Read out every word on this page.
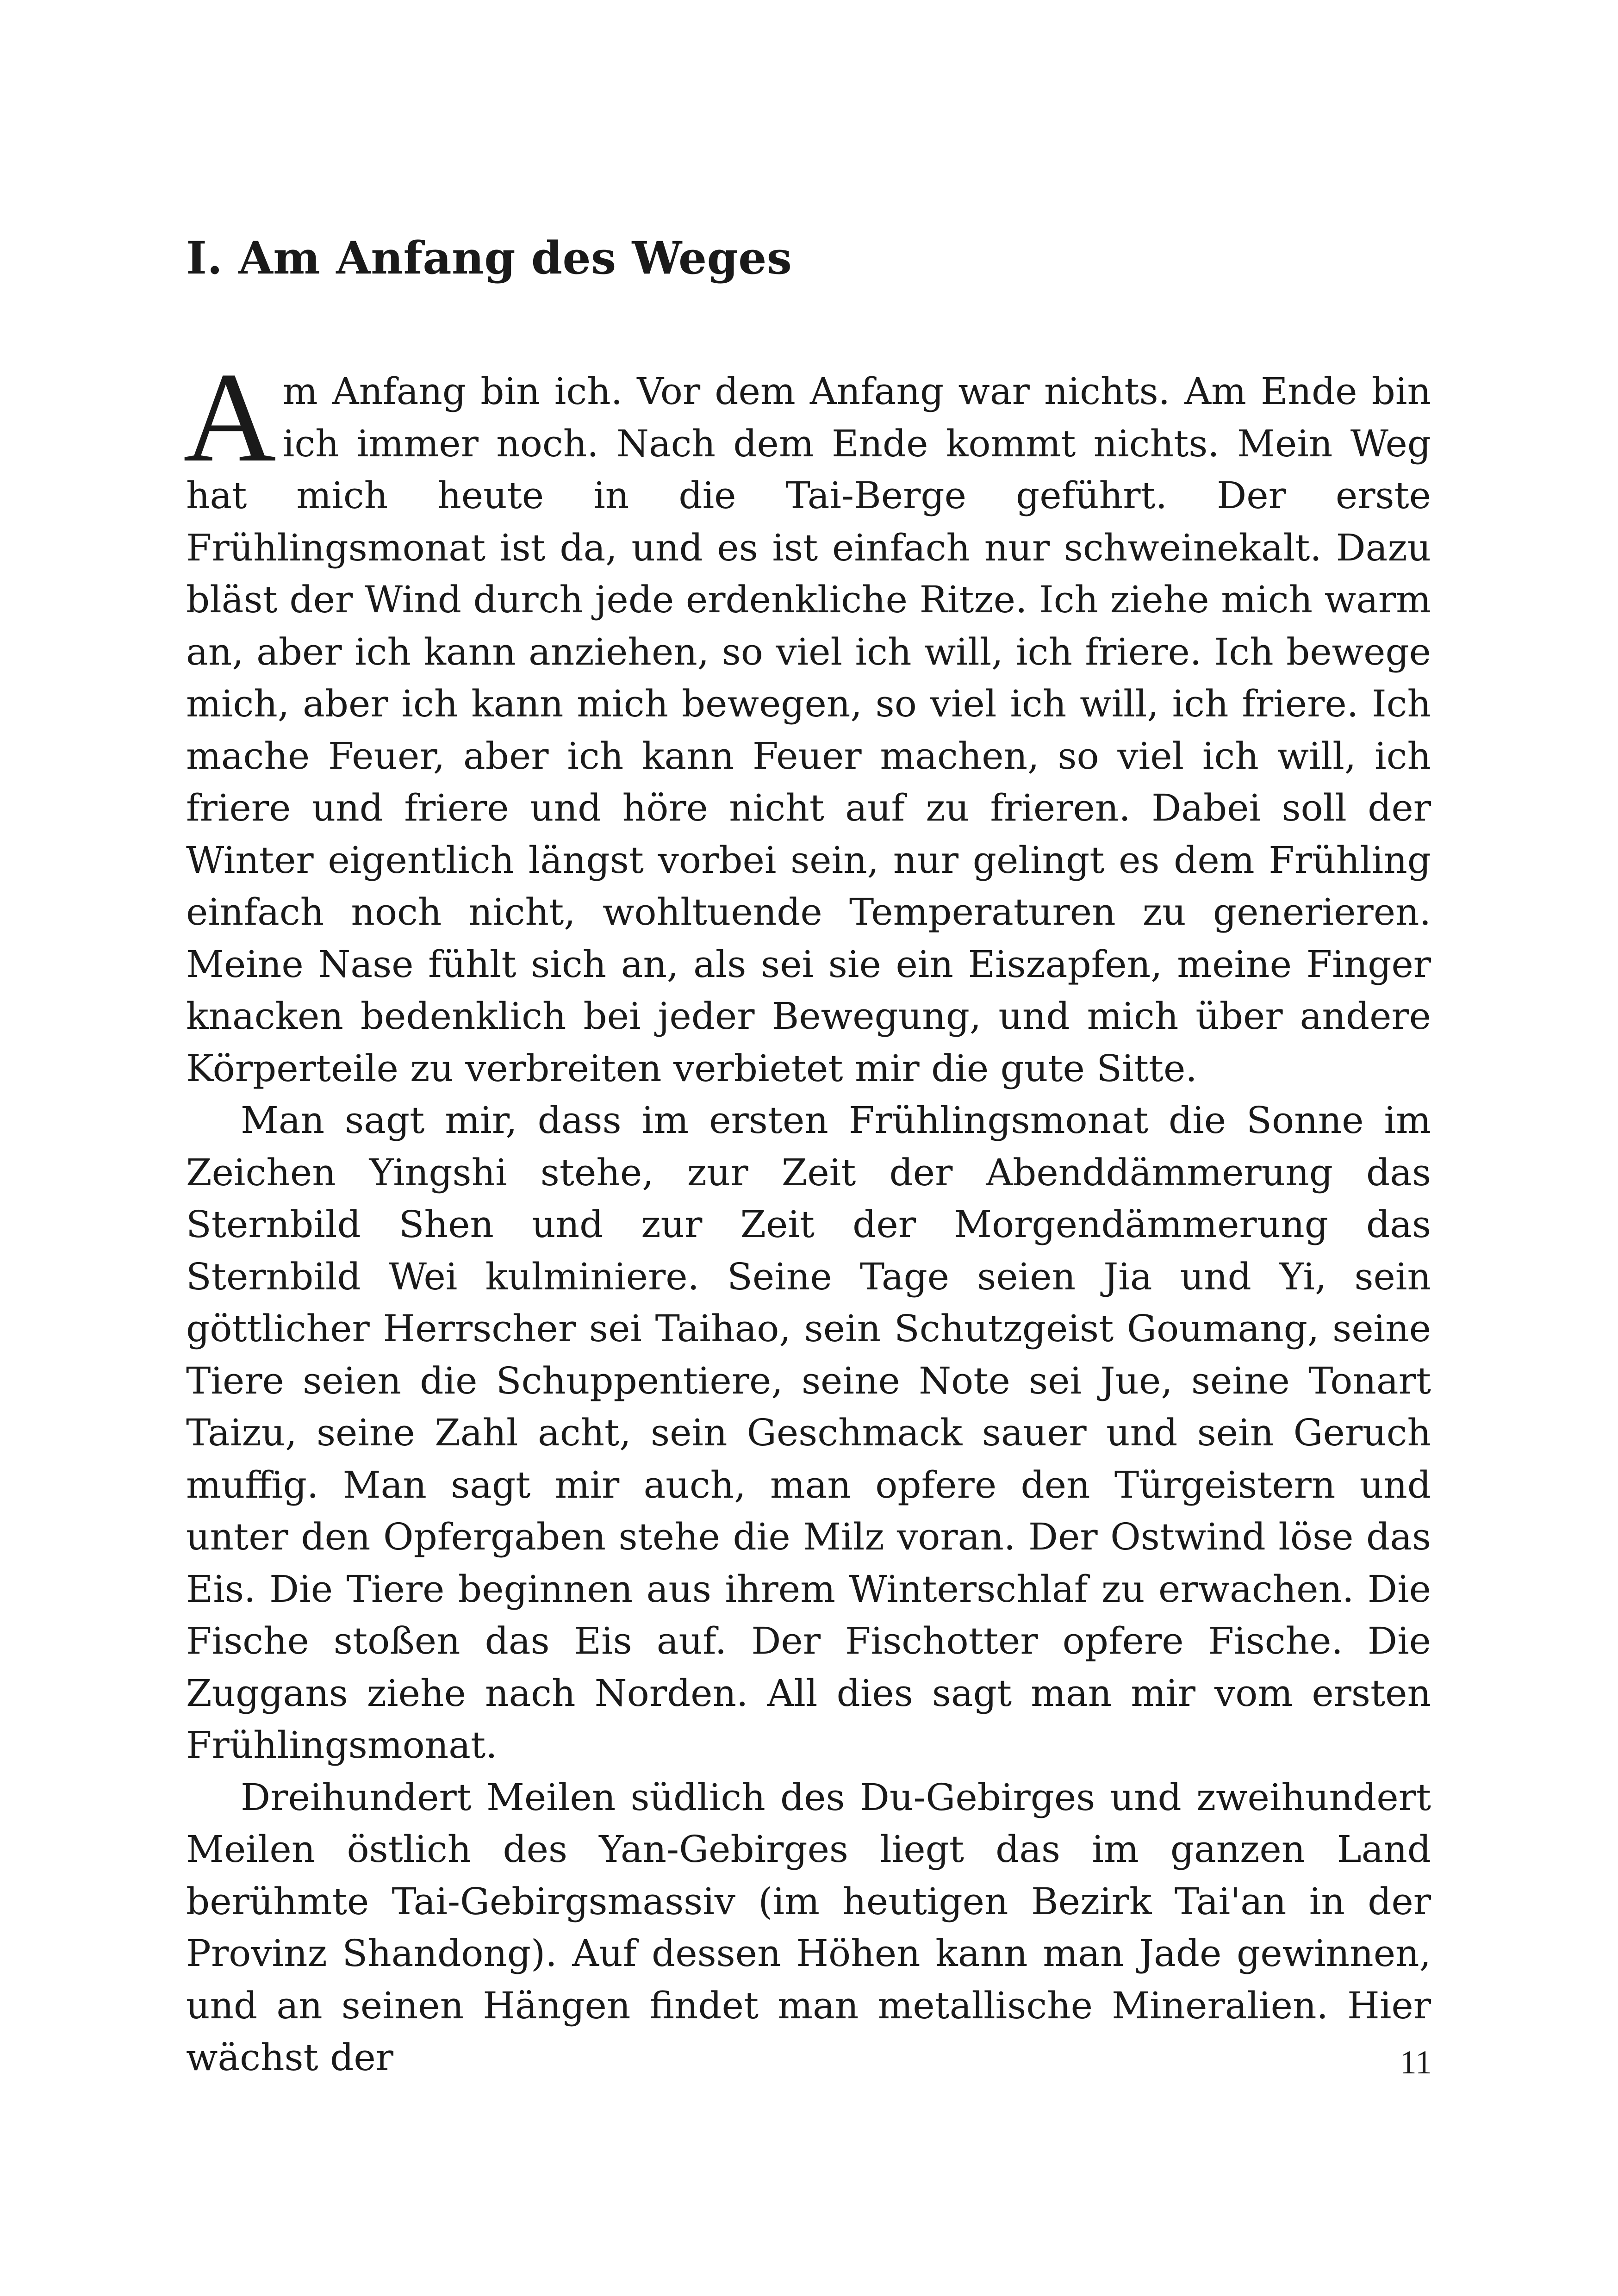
I. Am Anfang des Weges

Am Anfang bin ich. Vor dem Anfang war nichts. Am Ende bin ich immer noch. Nach dem Ende kommt nichts. Mein Weg hat mich heute in die Tai-Berge geführt. Der erste Frühlingsmonat ist da, und es ist einfach nur schweinekalt. Dazu bläst der Wind durch jede erdenkliche Ritze. Ich ziehe mich warm an, aber ich kann anziehen, so viel ich will, ich friere. Ich bewege mich, aber ich kann mich bewegen, so viel ich will, ich friere. Ich mache Feuer, aber ich kann Feuer machen, so viel ich will, ich friere und friere und höre nicht auf zu frieren. Dabei soll der Winter eigentlich längst vorbei sein, nur gelingt es dem Frühling einfach noch nicht, wohltuende Temperaturen zu generieren. Meine Nase fühlt sich an, als sei sie ein Eiszapfen, meine Finger knacken bedenklich bei jeder Bewegung, und mich über andere Körperteile zu verbreiten verbietet mir die gute Sitte.

Man sagt mir, dass im ersten Frühlingsmonat die Sonne im Zeichen Yingshi stehe, zur Zeit der Abenddämmerung das Sternbild Shen und zur Zeit der Morgendämmerung das Sternbild Wei kulminiere. Seine Tage seien Jia und Yi, sein göttlicher Herrscher sei Taihao, sein Schutzgeist Goumang, seine Tiere seien die Schuppentiere, seine Note sei Jue, seine Tonart Taizu, seine Zahl acht, sein Geschmack sauer und sein Geruch muffig. Man sagt mir auch, man opfere den Türgeistern und unter den Opfergaben stehe die Milz voran. Der Ostwind löse das Eis. Die Tiere beginnen aus ihrem Winterschlaf zu erwachen. Die Fische stoßen das Eis auf. Der Fischotter opfere Fische. Die Zuggans ziehe nach Norden. All dies sagt man mir vom ersten Frühlingsmonat.

Dreihundert Meilen südlich des Du-Gebirges und zweihundert Meilen östlich des Yan-Gebirges liegt das im ganzen Land berühmte Tai-Gebirgsmassiv (im heutigen Bezirk Tai'an in der Provinz Shandong). Auf dessen Höhen kann man Jade gewinnen, und an seinen Hängen findet man metallische Mineralien. Hier wächst der	11
